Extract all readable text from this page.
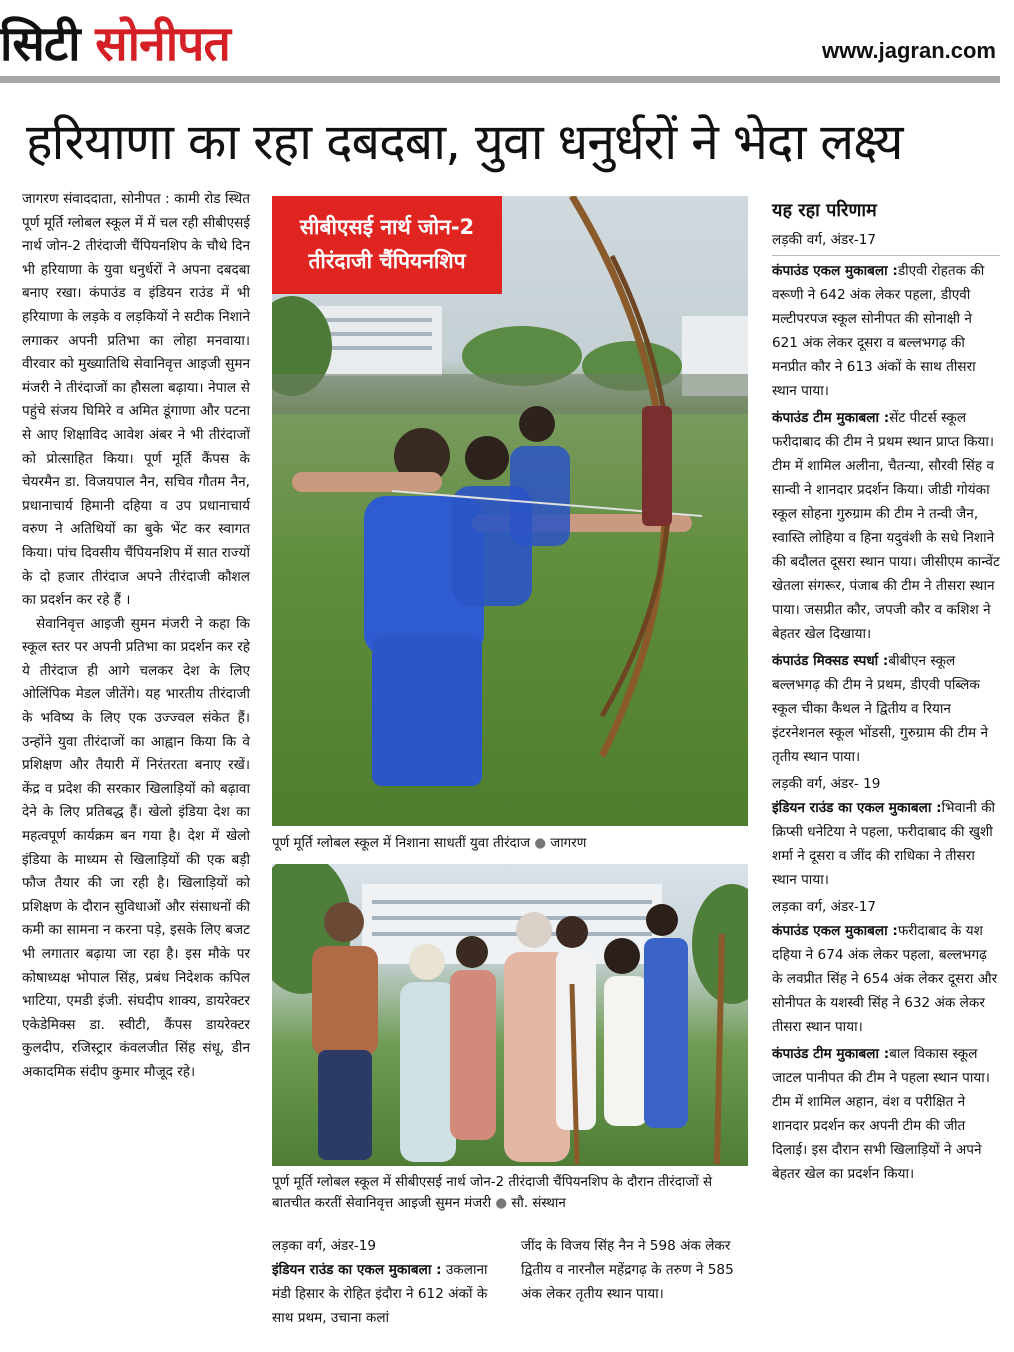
सिटी सोनीपत	www.jagran.com
हरियाणा का रहा दबदबा, युवा धनुर्धरों ने भेदा लक्ष्य

जागरण संवाददाता, सोनीपत : कामी रोड स्थित पूर्ण मूर्ति ग्लोबल स्कूल में में चल रही सीबीएसई नार्थ जोन-2 तीरंदाजी चैंपियनशिप के चौथे दिन भी हरियाणा के युवा धनुर्धरों ने अपना दबदबा बनाए रखा। कंपाउंड व इंडियन राउंड में भी हरियाणा के लड़के व लड़कियों ने सटीक निशाने लगाकर अपनी प्रतिभा का लोहा मनवाया। वीरवार को मुख्यातिथि सेवानिवृत्त आइजी सुमन मंजरी ने तीरंदाजों का हौसला बढ़ाया। नेपाल से पहुंचे संजय घिमिरे व अमित डूंगाणा और पटना से आए शिक्षाविद आवेश अंबर ने भी तीरंदाजों को प्रोत्साहित किया। पूर्ण मूर्ति कैंपस के चेयरमैन डा. विजयपाल नैन, सचिव गौतम नैन, प्रधानाचार्य हिमानी दहिया व उप प्रधानाचार्य वरुण ने अतिथियों का बुके भेंट कर स्वागत किया। पांच दिवसीय चैंपियनशिप में सात राज्यों के दो हजार तीरंदाज अपने तीरंदाजी कौशल का प्रदर्शन कर रहे हैं ।

सेवानिवृत्त आइजी सुमन मंजरी ने कहा कि स्कूल स्तर पर अपनी प्रतिभा का प्रदर्शन कर रहे ये तीरंदाज ही आगे चलकर देश के लिए ओलिंपिक मेडल जीतेंगे। यह भारतीय तीरंदाजी के भविष्य के लिए एक उज्ज्वल संकेत हैं। उन्होंने युवा तीरंदाजों का आह्वान किया कि वे प्रशिक्षण और तैयारी में निरंतरता बनाए रखें। केंद्र व प्रदेश की सरकार खिलाड़ियों को बढ़ावा देने के लिए प्रतिबद्ध हैं। खेलो इंडिया देश का महत्वपूर्ण कार्यक्रम बन गया है। देश में खेलो इंडिया के माध्यम से खिलाड़ियों की एक बड़ी फौज तैयार की जा रही है। खिलाड़ियों को प्रशिक्षण के दौरान सुविधाओं और संसाधनों की कमी का सामना न करना पड़े, इसके लिए बजट भी लगातार बढ़ाया जा रहा है। इस मौके पर कोषाध्यक्ष भोपाल सिंह, प्रबंध निदेशक कपिल भाटिया, एमडी इंजी. संघदीप शाक्य, डायरेक्टर एकेडेमिक्स डा. स्वीटी, कैंपस डायरेक्टर कुलदीप, रजिस्ट्रार कंवलजीत सिंह संधू, डीन अकादमिक संदीप कुमार मौजूद रहे।

सीबीएसई नार्थ जोन-2
तीरंदाजी चैंपियनशिप
पूर्ण मूर्ति ग्लोबल स्कूल में निशाना साधतीं युवा तीरंदाज ● जागरण
पूर्ण मूर्ति ग्लोबल स्कूल में सीबीएसई नार्थ जोन-2 तीरंदाजी चैंपियनशिप के दौरान तीरंदाजों से बातचीत करतीं सेवानिवृत्त आइजी सुमन मंजरी ● सौ. संस्थान
लड़का वर्ग, अंडर-19
इंडियन राउंड का एकल मुकाबला : उकलाना मंडी हिसार के रोहित इंदौरा ने 612 अंकों के साथ प्रथम, उचाना कलां
जींद के विजय सिंह नैन ने 598 अंक लेकर द्वितीय व नारनौल महेंद्रगढ़ के तरुण ने 585 अंक लेकर तृतीय स्थान पाया।
यह रहा परिणाम
लड़की वर्ग, अंडर-17

कंपाउंड एकल मुकाबला :डीएवी रोहतक की वरूणी ने 642 अंक लेकर पहला, डीएवी मल्टीपरपज स्कूल सोनीपत की सोनाक्षी ने 621 अंक लेकर दूसरा व बल्लभगढ़ की मनप्रीत कौर ने 613 अंकों के साथ तीसरा स्थान पाया।

कंपाउंड टीम मुकाबला :सेंट पीटर्स स्कूल फरीदाबाद की टीम ने प्रथम स्थान प्राप्त किया। टीम में शामिल अलीना, चैतन्या, सौरवी सिंह व सान्वी ने शानदार प्रदर्शन किया। जीडी गोयंका स्कूल सोहना गुरुग्राम की टीम ने तन्वी जैन, स्वास्ति लोहिया व हिना यदुवंशी के सधे निशाने की बदौलत दूसरा स्थान पाया। जीसीएम कान्वेंट खेतला संगरूर, पंजाब की टीम ने तीसरा स्थान पाया। जसप्रीत कौर, जपजी कौर व कशिश ने बेहतर खेल दिखाया।

कंपाउंड मिक्सड स्पर्धा :बीबीएन स्कूल बल्लभगढ़ की टीम ने प्रथम, डीएवी पब्लिक स्कूल चीका कैथल ने द्वितीय व रियान इंटरनेशनल स्कूल भोंडसी, गुरुग्राम की टीम ने तृतीय स्थान पाया।

लड़की वर्ग, अंडर- 19

इंडियन राउंड का एकल मुकाबला :भिवानी की क्रिप्सी धनेटिया ने पहला, फरीदाबाद की खुशी शर्मा ने दूसरा व जींद की राधिका ने तीसरा स्थान पाया।

लड़का वर्ग, अंडर-17

कंपाउंड एकल मुकाबला :फरीदाबाद के यश दहिया ने 674 अंक लेकर पहला, बल्लभगढ़ के लवप्रीत सिंह ने 654 अंक लेकर दूसरा और सोनीपत के यशस्वी सिंह ने 632 अंक लेकर तीसरा स्थान पाया।

कंपाउंड टीम मुकाबला :बाल विकास स्कूल जाटल पानीपत की टीम ने पहला स्थान पाया। टीम में शामिल अहान, वंश व परीक्षित ने शानदार प्रदर्शन कर अपनी टीम की जीत दिलाई। इस दौरान सभी खिलाड़ियों ने अपने बेहतर खेल का प्रदर्शन किया।
